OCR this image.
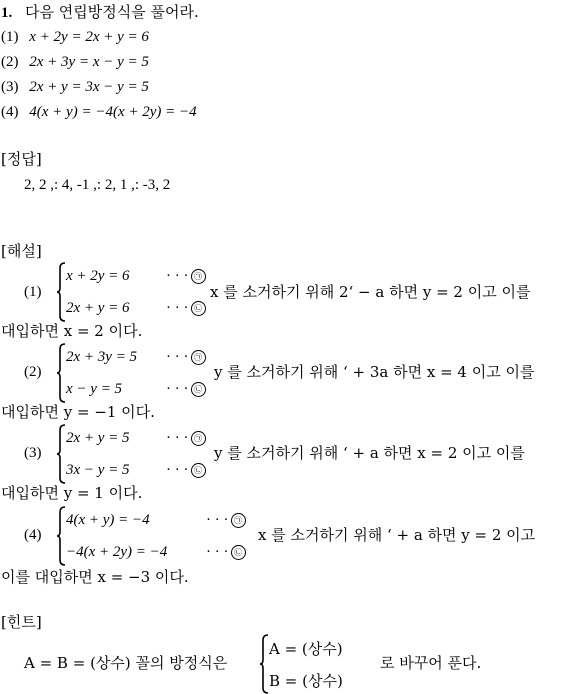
1. 다음 연립방정식을 풀어라.
(1) x + 2y = 2x + y = 6
(2) 2x + 3y = x − y = 5
(3) 2x + y = 3x − y = 5
(4) 4(x + y) = −4(x + 2y) = −4
[정답]
2, 2 ,: 4, -1 ,: 2, 1 ,: -3, 2
[해설]
(1)
x + 2y = 6 · · · ㉠
2x + y = 6 · · · ㉡
x 를 소거하기 위해 2‘ − a 하면 y = 2 이고 이를
대입하면 x = 2 이다.
(2)
2x + 3y = 5 · · · ㉠
x − y = 5	· · · ㉡
y 를 소거하기 위해 ‘ + 3a 하면 x = 4 이고 이를
대입하면 y = −1 이다.
(3)
2x + y = 5 · · · ㉠
3x − y = 5 · · · ㉡
y 를 소거하기 위해 ‘ + a 하면 x = 2 이고 이를
대입하면 y = 1 이다.
(4)
4(x + y) = −4	· · · ㉠
−4(x + 2y) = −4	· · · ㉡
x 를 소거하기 위해 ‘ + a 하면 y = 2 이고
이를 대입하면 x = −3 이다.
[힌트]
A = B = (상수) 꼴의 방정식은
A = (상수)
B = (상수)
로 바꾸어 푼다.
